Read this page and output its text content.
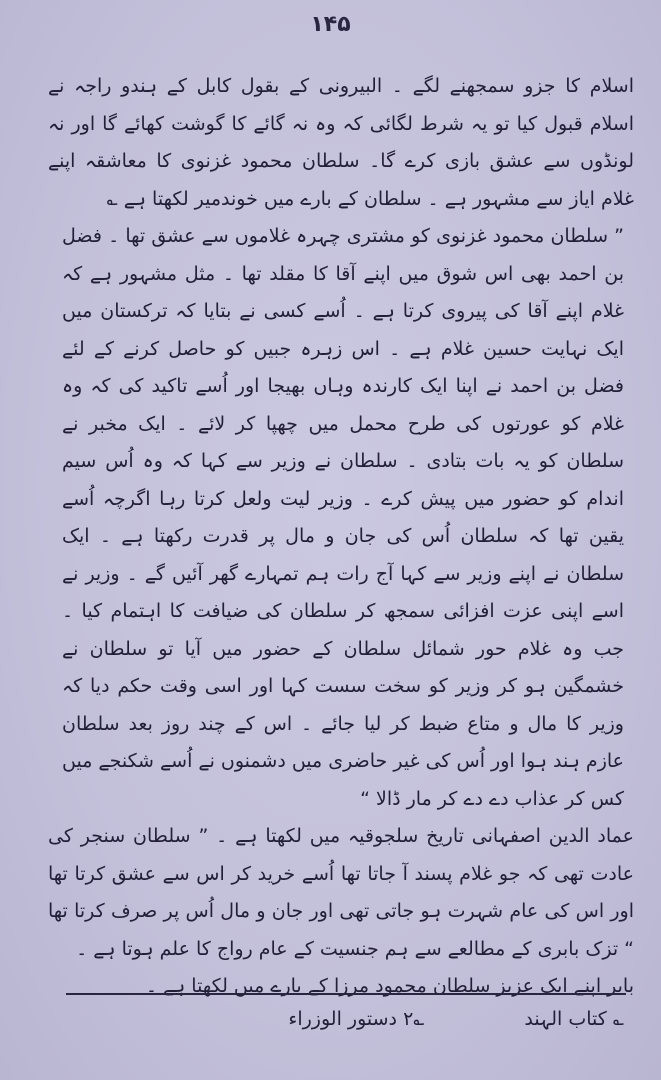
۱۴۵

اسلام کا جزو سمجھنے لگے ۔ البیرونی کے بقول کابل کے ہندو راجہ نے اسلام قبول کیا تو یہ شرط لگائی کہ وہ نہ گائے کا گوشت کھائے گا اور نہ لونڈوں سے عشق بازی کرے گا۔ سلطان محمود غزنوی کا معاشقہ اپنے غلام ایاز سے مشہور ہے ۔ سلطان کے بارے میں خوندمیر لکھتا ہے ؎

” سلطان محمود غزنوی کو مشتری چہرہ غلاموں سے عشق تھا ۔ فضل بن احمد بھی اس شوق میں اپنے آقا کا مقلد تھا ۔ مثل مشہور ہے کہ غلام اپنے آقا کی پیروی کرتا ہے ۔ اُسے کسی نے بتایا کہ ترکستان میں ایک نہایت حسین غلام ہے ۔ اس زہرہ جبیں کو حاصل کرنے کے لئے فضل بن احمد نے اپنا ایک کارندہ وہاں بھیجا اور اُسے تاکید کی کہ وہ غلام کو عورتوں کی طرح محمل میں چھپا کر لائے ۔ ایک مخبر نے سلطان کو یہ بات بتادی ۔ سلطان نے وزیر سے کہا کہ وہ اُس سیم اندام کو حضور میں پیش کرے ۔ وزیر لیت ولعل کرتا رہا اگرچہ اُسے یقین تھا کہ سلطان اُس کی جان و مال پر قدرت رکھتا ہے ۔ ایک سلطان نے اپنے وزیر سے کہا آج رات ہم تمہارے گھر آئیں گے ۔ وزیر نے اسے اپنی عزت افزائی سمجھ کر سلطان کی ضیافت کا اہتمام کیا ۔ جب وہ غلام حور شمائل سلطان کے حضور میں آیا تو سلطان نے خشمگین ہو کر وزیر کو سخت سست کہا اور اسی وقت حکم دیا کہ وزیر کا مال و متاع ضبط کر لیا جائے ۔ اس کے چند روز بعد سلطان عازم ہند ہوا اور اُس کی غیر حاضری میں دشمنوں نے اُسے شکنجے میں کس کر عذاب دے دے کر مار ڈالا “

عماد الدین اصفہانی تاریخ سلجوقیہ میں لکھتا ہے ۔ ” سلطان سنجر کی عادت تھی کہ جو غلام پسند آ جاتا تھا اُسے خرید کر اس سے عشق کرتا تھا اور اس کی عام شہرت ہو جاتی تھی اور جان و مال اُس پر صرف کرتا تھا “ تزک بابری کے مطالعے سے ہم جنسیت کے عام رواج کا علم ہوتا ہے ۔

بابر اپنے ایک عزیز سلطان محمود مرزا کے بارے میں لکھتا ہے ۔

؎ کتاب الہند
؎۲ دستور الوزراء
